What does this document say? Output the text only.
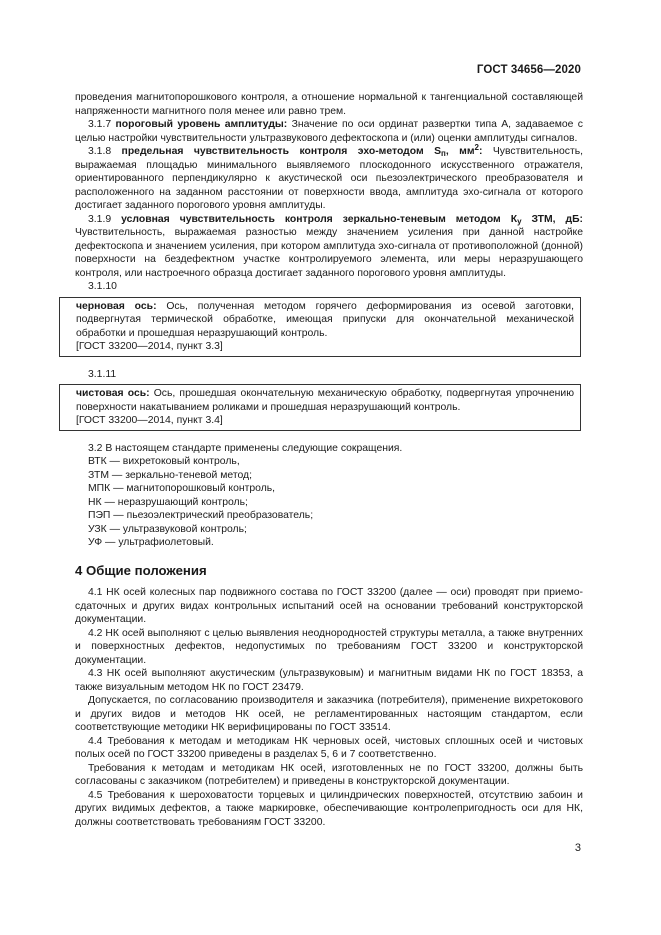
ГОСТ 34656—2020

проведения магнитопорошкового контроля, а отношение нормальной к тангенциальной составляющей напряженности магнитного поля менее или равно трем.

3.1.7 пороговый уровень амплитуды: Значение по оси ординат развертки типа А, задаваемое с целью настройки чувствительности ультразвукового дефектоскопа и (или) оценки амплитуды сигналов.

3.1.8 предельная чувствительность контроля эхо-методом $S_п$, $мм^2$: Чувствительность, выражаемая площадью минимального выявляемого плоскодонного искусственного отражателя, ориентированного перпендикулярно к акустической оси пьезоэлектрического преобразователя и расположенного на заданном расстоянии от поверхности ввода, амплитуда эхо-сигнала от которого достигает заданного порогового уровня амплитуды.

3.1.9 условная чувствительность контроля зеркально-теневым методом $К_у$ ЗТМ, дБ: Чувствительность, выражаемая разностью между значением усиления при данной настройке дефектоскопа и значением усиления, при котором амплитуда эхо-сигнала от противоположной (донной) поверхности на бездефектном участке контролируемого элемента, или меры неразрушающего контроля, или настроечного образца достигает заданного порогового уровня амплитуды.

3.1.10

черновая ось: Ось, полученная методом горячего деформирования из осевой заготовки, подвергнутая термической обработке, имеющая припуски для окончательной механической обработки и прошедшая неразрушающий контроль.

[ГОСТ 33200—2014, пункт 3.3]

3.1.11

чистовая ось: Ось, прошедшая окончательную механическую обработку, подвергнутая упрочнению поверхности накатыванием роликами и прошедшая неразрушающий контроль.

[ГОСТ 33200—2014, пункт 3.4]

3.2 В настоящем стандарте применены следующие сокращения.

ВТК — вихретоковый контроль,

ЗТМ — зеркально-теневой метод;

МПК — магнитопорошковый контроль,

НК — неразрушающий контроль;

ПЭП — пьезоэлектрический преобразователь;

УЗК — ультразвуковой контроль;

УФ — ультрафиолетовый.

4 Общие положения

4.1 НК осей колесных пар подвижного состава по ГОСТ 33200 (далее — оси) проводят при приемо-сдаточных и других видах контрольных испытаний осей на основании требований конструкторской документации.

4.2 НК осей выполняют с целью выявления неоднородностей структуры металла, а также внутренних и поверхностных дефектов, недопустимых по требованиям ГОСТ 33200 и конструкторской документации.

4.3 НК осей выполняют акустическим (ультразвуковым) и магнитным видами НК по ГОСТ 18353, а также визуальным методом НК по ГОСТ 23479.

Допускается, по согласованию производителя и заказчика (потребителя), применение вихретокового и других видов и методов НК осей, не регламентированных настоящим стандартом, если соответствующие методики НК верифицированы по ГОСТ 33514.

4.4 Требования к методам и методикам НК черновых осей, чистовых сплошных осей и чистовых полых осей по ГОСТ 33200 приведены в разделах 5, 6 и 7 соответственно.

Требования к методам и методикам НК осей, изготовленных не по ГОСТ 33200, должны быть согласованы с заказчиком (потребителем) и приведены в конструкторской документации.

4.5 Требования к шероховатости торцевых и цилиндрических поверхностей, отсутствию забоин и других видимых дефектов, а также маркировке, обеспечивающие контролепригодность оси для НК, должны соответствовать требованиям ГОСТ 33200.

3
